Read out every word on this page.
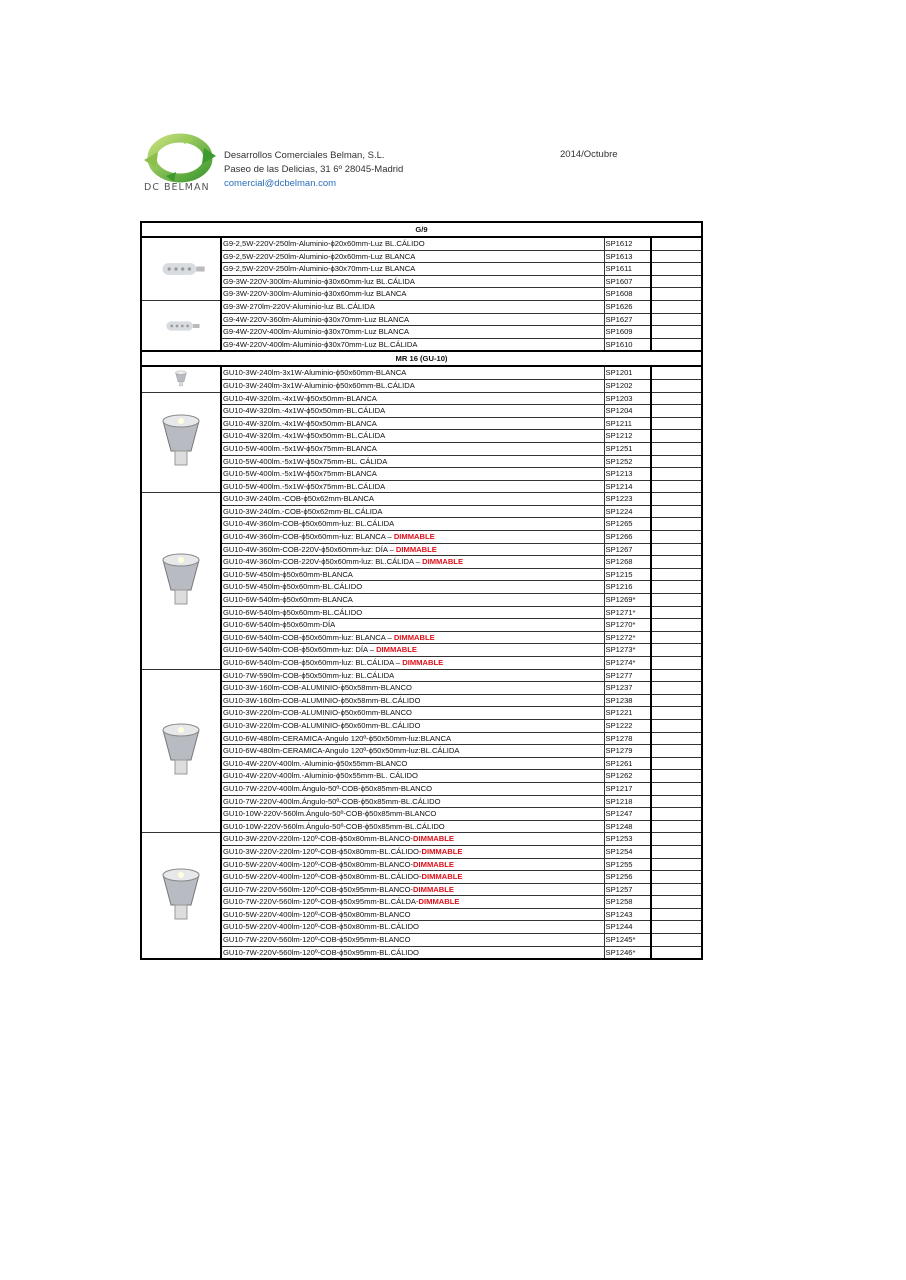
DC BELMAN
Desarrollos Comerciales Belman, S.L.
Paseo de las Delicias, 31 6º 28045-Madrid
comercial@dcbelman.com
2014/Octubre
G/9			

	G9-2,5W-220V-250lm-Aluminio-ϕ20x60mm-Luz BL.CÁLIDO	SP1612	
	G9-2,5W-220V-250lm-Aluminio-ϕ20x60mm-Luz BLANCA	SP1613	
	G9-2,5W-220V-250lm-Aluminio-ϕ30x70mm-Luz BLANCA	SP1611	
	G9-3W-220V-300lm-Aluminio-ϕ30x60mm-luz BL.CÁLIDA	SP1607	
	G9-3W-220V-300lm-Aluminio-ϕ30x60mm-luz BLANCA	SP1608	

	G9-3W-270lm-220V-Aluminio-luz BL.CÁLIDA	SP1626	
	G9-4W-220V-360lm-Aluminio-ϕ30x70mm-Luz BLANCA	SP1627	
	G9-4W-220V-400lm-Aluminio-ϕ30x70mm-Luz BLANCA	SP1609	
	G9-4W-220V-400lm-Aluminio-ϕ30x70mm-Luz BL.CÁLIDA	SP1610	
MR 16 (GU-10)			

	GU10-3W-240lm-3x1W-Aluminio-ϕ50x60mm-BLANCA	SP1201	
	GU10-3W-240lm-3x1W-Aluminio-ϕ50x60mm-BL.CÁLIDA	SP1202	

	GU10-4W-320lm.-4x1W-ϕ50x50mm-BLANCA	SP1203	
	GU10-4W-320lm.-4x1W-ϕ50x50mm-BL.CÁLIDA	SP1204	
	GU10-4W-320lm.-4x1W-ϕ50x50mm-BLANCA	SP1211	
	GU10-4W-320lm.-4x1W-ϕ50x50mm-BL.CÁLIDA	SP1212	
	GU10-5W-400lm.-5x1W-ϕ50x75mm-BLANCA	SP1251	
	GU10-5W-400lm.-5x1W-ϕ50x75mm-BL. CÁLIDA	SP1252	
	GU10-5W-400lm.-5x1W-ϕ50x75mm-BLANCA	SP1213	
	GU10-5W-400lm.-5x1W-ϕ50x75mm-BL.CÁLIDA	SP1214	

	GU10-3W-240lm.-COB-ϕ50x62mm-BLANCA	SP1223	
	GU10-3W-240lm.-COB-ϕ50x62mm-BL.CÁLIDA	SP1224	
	GU10-4W-360lm-COB-ϕ50x60mm-luz: BL.CÁLIDA	SP1265	
	GU10-4W-360lm-COB-ϕ50x60mm-luz: BLANCA – DIMMABLE	SP1266	
	GU10-4W-360lm-COB-220V-ϕ50x60mm-luz: DÍA – DIMMABLE	SP1267	
	GU10-4W-360lm-COB-220V-ϕ50x60mm-luz: BL.CÁLIDA – DIMMABLE	SP1268	
	GU10-5W-450lm-ϕ50x60mm-BLANCA	SP1215	
	GU10-5W-450lm-ϕ50x60mm-BL.CÁLIDO	SP1216	
	GU10-6W-540lm-ϕ50x60mm-BLANCA	SP1269*	
	GU10-6W-540lm-ϕ50x60mm-BL.CÁLIDO	SP1271*	
	GU10-6W-540lm-ϕ50x60mm-DÍA	SP1270*	
	GU10-6W-540lm-COB-ϕ50x60mm-luz: BLANCA – DIMMABLE	SP1272*	
	GU10-6W-540lm-COB-ϕ50x60mm-luz: DÍA – DIMMABLE	SP1273*	
	GU10-6W-540lm-COB-ϕ50x60mm-luz: BL.CÁLIDA – DIMMABLE	SP1274*	

	GU10-7W-590lm-COB-ϕ50x50mm-luz: BL.CÁLIDA	SP1277	
	GU10-3W-160lm-COB-ALUMINIO-ϕ50x58mm-BLANCO	SP1237	
	GU10-3W-160lm-COB-ALUMINIO-ϕ50x58mm-BL.CÁLIDO	SP1238	
	GU10-3W-220lm-COB-ALUMINIO-ϕ50x60mm-BLANCO	SP1221	
	GU10-3W-220lm-COB-ALUMINIO-ϕ50x60mm-BL.CÁLIDO	SP1222	
	GU10-6W-480lm-CERAMICA-Angulo 120º-ϕ50x50mm-luz:BLANCA	SP1278	
	GU10-6W-480lm-CERAMICA-Angulo 120º-ϕ50x50mm-luz:BL.CÁLIDA	SP1279	
	GU10-4W-220V-400lm.-Aluminio-ϕ50x55mm-BLANCO	SP1261	
	GU10-4W-220V-400lm.-Aluminio-ϕ50x55mm-BL. CÁLIDO	SP1262	
	GU10-7W-220V-400lm.Ángulo-50º-COB-ϕ50x85mm-BLANCO	SP1217	
	GU10-7W-220V-400lm.Ángulo-50º-COB-ϕ50x85mm-BL.CÁLIDO	SP1218	
	GU10-10W-220V-560lm.Ángulo-50º-COB-ϕ50x85mm-BLANCO	SP1247	
	GU10-10W-220V-560lm.Ángulo-50º-COB-ϕ50x85mm-BL.CÁLIDO	SP1248	

	GU10-3W-220V-220lm-120º-COB-ϕ50x80mm-BLANCO-DIMMABLE	SP1253	
	GU10-3W-220V-220lm-120º-COB-ϕ50x80mm-BL.CÁLIDO-DIMMABLE	SP1254	
	GU10-5W-220V-400lm-120º-COB-ϕ50x80mm-BLANCO-DIMMABLE	SP1255	
	GU10-5W-220V-400lm-120º-COB-ϕ50x80mm-BL.CÁLIDO-DIMMABLE	SP1256	
	GU10-7W-220V-560lm-120º-COB-ϕ50x95mm-BLANCO-DIMMABLE	SP1257	
	GU10-7W-220V-560lm-120º-COB-ϕ50x95mm-BL.CÁLDA-DIMMABLE	SP1258	
	GU10-5W-220V-400lm-120º-COB-ϕ50x80mm-BLANCO	SP1243	
	GU10-5W-220V-400lm-120º-COB-ϕ50x80mm-BL.CÁLIDO	SP1244	
	GU10-7W-220V-560lm-120º-COB-ϕ50x95mm-BLANCO	SP1245*	
	GU10-7W-220V-560lm-120º-COB-ϕ50x95mm-BL.CÁLIDO	SP1246*	
